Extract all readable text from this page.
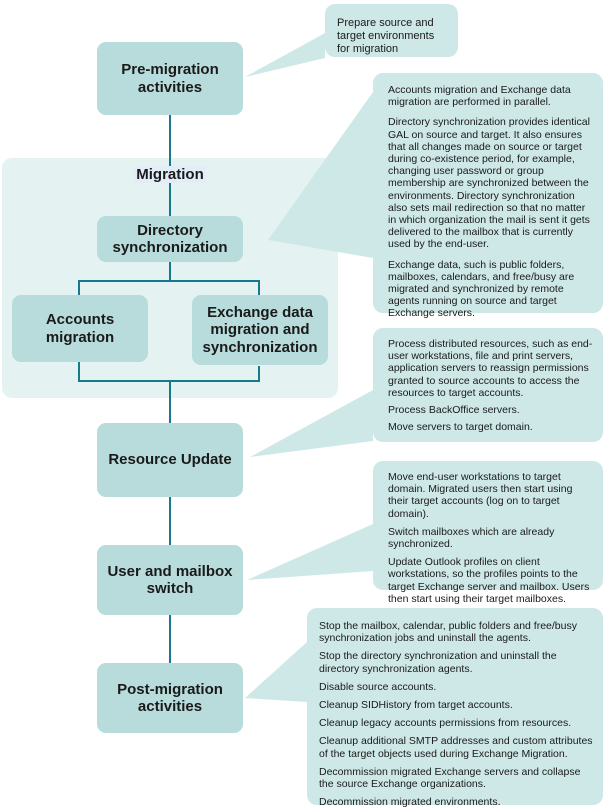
Pre-migration activities
Migration
Directory synchronization
Accounts migration
Exchange data migration and synchronization
Resource Update
User and mailbox switch
Post-migration activities

Prepare source and target environments for migration

Accounts migration and Exchange data migration are performed in parallel.

Directory synchronization provides identical GAL on source and target. It also ensures that all changes made on source or target during co-existence period, for example, changing user password or group membership are synchronized between the environments. Directory synchronization also sets mail redirection so that no matter in which organization the mail is sent it gets delivered to the mailbox that is currently used by the end-user.

Exchange data, such is public folders, mailboxes, calendars, and free/busy are migrated and synchronized by remote agents running on source and target Exchange servers.

Process distributed resources, such as end-user workstations, file and print servers, application servers to reassign permissions granted to source accounts to access the resources to target accounts.

Process BackOffice servers.

Move servers to target domain.

Move end-user workstations to target domain. Migrated users then start using their target accounts (log on to target domain).

Switch mailboxes which are already synchronized.

Update Outlook profiles on client workstations, so the profiles points to the target Exchange server and mailbox. Users then start using their target mailboxes.

Stop the mailbox, calendar, public folders and free/busy synchronization jobs and uninstall the agents.

Stop the directory synchronization and uninstall the directory synchronization agents.

Disable source accounts.

Cleanup SIDHistory from target accounts.

Cleanup legacy accounts permissions from resources.

Cleanup additional SMTP addresses and custom attributes of the target objects used during Exchange Migration.

Decommission migrated Exchange servers and collapse the source Exchange organizations.

Decommission migrated environments.
